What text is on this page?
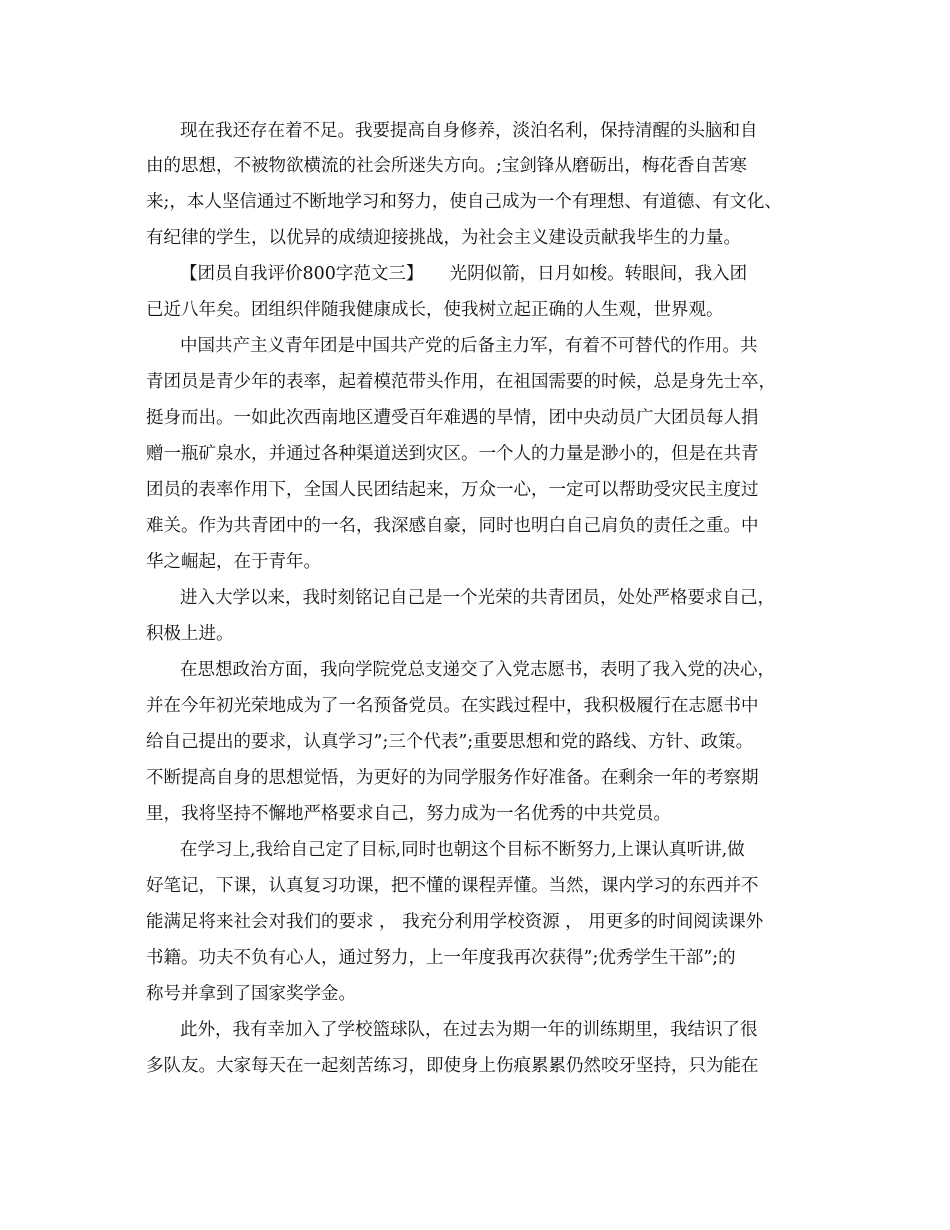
现在我还存在着不足。我要提高自身修养，淡泊名利，保持清醒的头脑和自
由的思想，不被物欲横流的社会所迷失方向。;宝剑锋从磨砺出，梅花香自苦寒
来;，本人坚信通过不断地学习和努力，使自己成为一个有理想、有道德、有文化、
有纪律的学生，以优异的成绩迎接挑战，为社会主义建设贡献我毕生的力量。
【团员自我评价800字范文三】　　光阴似箭，日月如梭。转眼间，我入团
已近八年矣。团组织伴随我健康成长，使我树立起正确的人生观，世界观。
中国共产主义青年团是中国共产党的后备主力军，有着不可替代的作用。共
青团员是青少年的表率，起着模范带头作用，在祖国需要的时候，总是身先士卒，
挺身而出。一如此次西南地区遭受百年难遇的旱情，团中央动员广大团员每人捐
赠一瓶矿泉水，并通过各种渠道送到灾区。一个人的力量是渺小的，但是在共青
团员的表率作用下，全国人民团结起来，万众一心，一定可以帮助受灾民主度过
难关。作为共青团中的一名，我深感自豪，同时也明白自己肩负的责任之重。中
华之崛起，在于青年。
进入大学以来，我时刻铭记自己是一个光荣的共青团员，处处严格要求自己，
积极上进。
在思想政治方面，我向学院党总支递交了入党志愿书，表明了我入党的决心，
并在今年初光荣地成为了一名预备党员。在实践过程中，我积极履行在志愿书中
给自己提出的要求，认真学习”;三个代表”;重要思想和党的路线、方针、政策。
不断提高自身的思想觉悟，为更好的为同学服务作好准备。在剩余一年的考察期
里，我将坚持不懈地严格要求自己，努力成为一名优秀的中共党员。
在学习上,我给自己定了目标,同时也朝这个目标不断努力,上课认真听讲,做
好笔记，下课，认真复习功课，把不懂的课程弄懂。当然，课内学习的东西并不
能满足将来社会对我们的要求 ， 我充分利用学校资源 ， 用更多的时间阅读课外
书籍。功夫不负有心人，通过努力，上一年度我再次获得”;优秀学生干部”;的
称号并拿到了国家奖学金。
此外，我有幸加入了学校篮球队，在过去为期一年的训练期里，我结识了很
多队友。大家每天在一起刻苦练习，即使身上伤痕累累仍然咬牙坚持，只为能在
